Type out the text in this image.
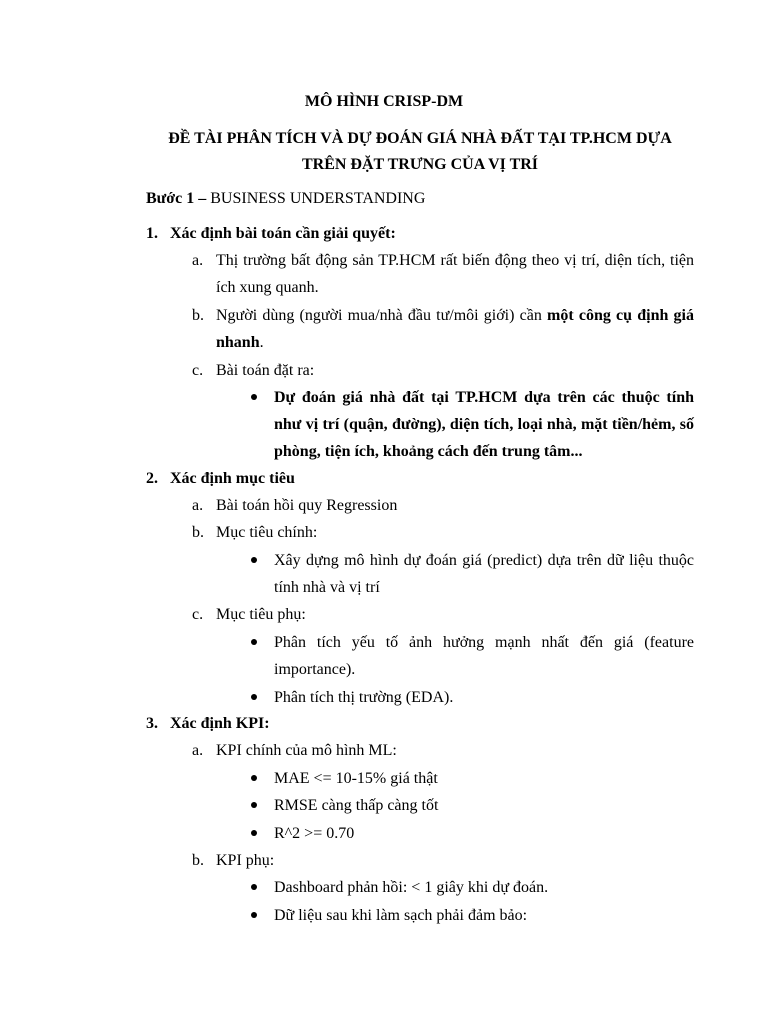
MÔ HÌNH CRISP-DM
ĐỀ TÀI PHÂN TÍCH VÀ DỰ ĐOÁN GIÁ NHÀ ĐẤT TẠI TP.HCM DỰA TRÊN ĐẶT TRƯNG CỦA VỊ TRÍ
Bước 1 – BUSINESS UNDERSTANDING
1. Xác định bài toán cần giải quyết:
a. Thị trường bất động sản TP.HCM rất biến động theo vị trí, diện tích, tiện ích xung quanh.
b. Người dùng (người mua/nhà đầu tư/môi giới) cần một công cụ định giá nhanh.
c. Bài toán đặt ra:
Dự đoán giá nhà đất tại TP.HCM dựa trên các thuộc tính như vị trí (quận, đường), diện tích, loại nhà, mặt tiền/hẻm, số phòng, tiện ích, khoảng cách đến trung tâm...
2. Xác định mục tiêu
a. Bài toán hồi quy Regression
b. Mục tiêu chính:
Xây dựng mô hình dự đoán giá (predict) dựa trên dữ liệu thuộc tính nhà và vị trí
c. Mục tiêu phụ:
Phân tích yếu tố ảnh hưởng mạnh nhất đến giá (feature importance).
Phân tích thị trường (EDA).
3. Xác định KPI:
a. KPI chính của mô hình ML:
MAE <= 10-15% giá thật
RMSE càng thấp càng tốt
R^2 >= 0.70
b. KPI phụ:
Dashboard phản hồi: < 1 giây khi dự đoán.
Dữ liệu sau khi làm sạch phải đảm bảo:
